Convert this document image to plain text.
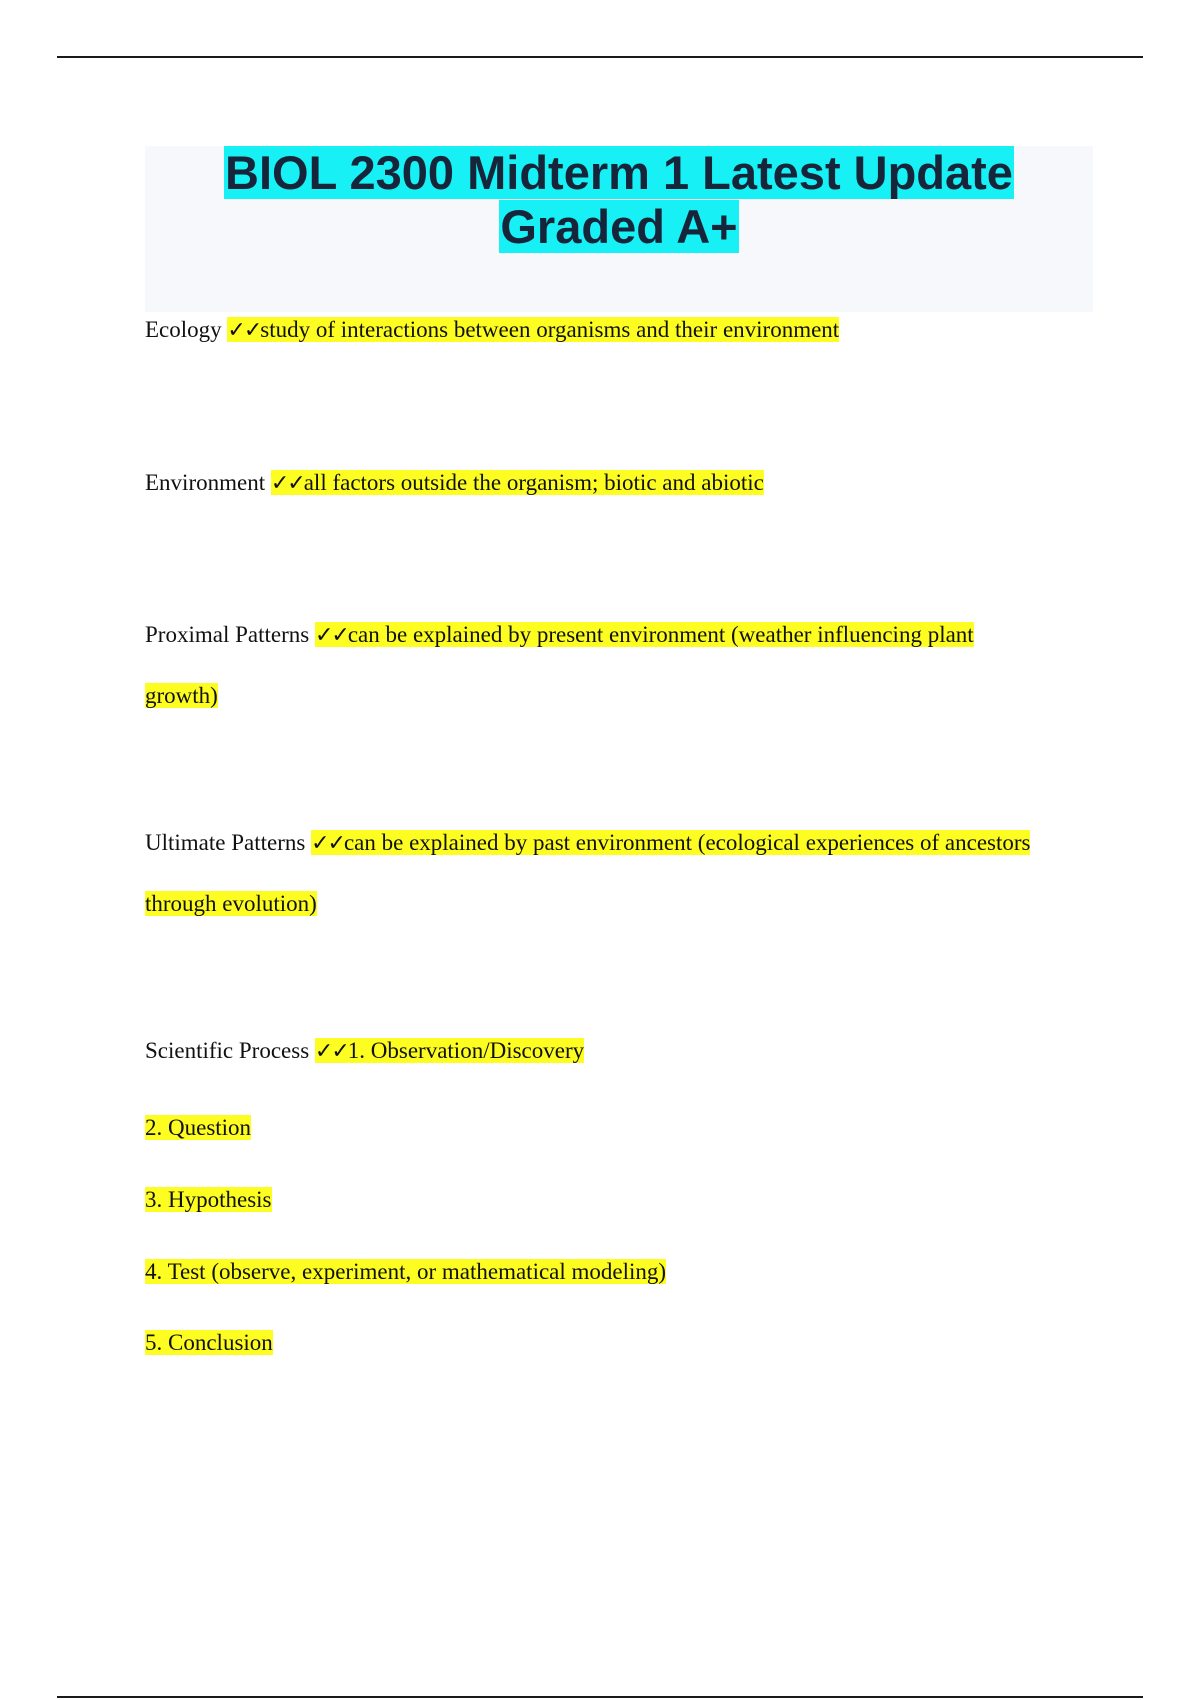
BIOL 2300 Midterm 1 Latest Update
Graded A+
Ecology ✓✓study of interactions between organisms and their environment
Environment ✓✓all factors outside the organism; biotic and abiotic
Proximal Patterns ✓✓can be explained by present environment (weather influencing plant
growth)
Ultimate Patterns ✓✓can be explained by past environment (ecological experiences of ancestors
through evolution)
Scientific Process ✓✓1. Observation/Discovery
2. Question
3. Hypothesis
4. Test (observe, experiment, or mathematical modeling)
5. Conclusion
